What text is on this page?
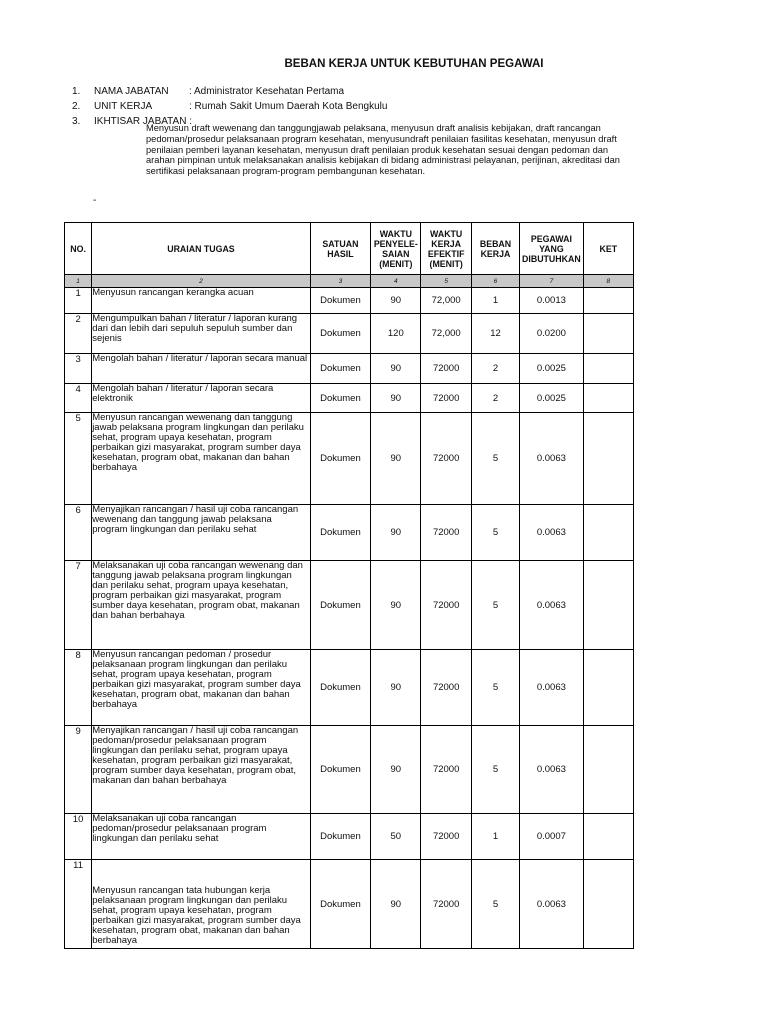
BEBAN KERJA UNTUK KEBUTUHAN PEGAWAI
1.	NAMA JABATAN	: Administrator Kesehatan Pertama
2.	UNIT KERJA	: Rumah Sakit Umum Daerah Kota Bengkulu
3.	IKHTISAR JABATAN :
Menyusun draft wewenang dan tanggungjawab pelaksana, menyusun draft analisis kebijakan, draft rancangan pedoman/prosedur pelaksanaan program kesehatan, menyusundraft penilaian fasilitas kesehatan, menyusun draft penilaian pemberi layanan kesehatan, menyusun draft penilaian produk kesehatan sesuai dengan pedoman dan arahan pimpinan untuk melaksanakan analisis kebijakan di bidang administrasi pelayanan, perijinan, akreditasi dan sertifikasi pelaksanaan program-program pembangunan kesehatan.
-
NO.	URAIAN TUGAS	SATUAN HASIL	WAKTU PENYELE-SAIAN (MENIT)	WAKTU KERJA EFEKTIF (MENIT)	BEBAN KERJA	PEGAWAI YANG DIBUTUHKAN	KET
1	2	3	4	5	6	7	8
1	Menyusun rancangan kerangka acuan	Dokumen	90	72,000	1	0.0013	
2	Mengumpulkan bahan / literatur / laporan kurang dari dan lebih dari sepuluh sepuluh sumber dan sejenis	Dokumen	120	72,000	12	0.0200	
3	Mengolah bahan / literatur / laporan secara manual	Dokumen	90	72000	2	0.0025	
4	Mengolah bahan / literatur / laporan secara elektronik	Dokumen	90	72000	2	0.0025	
5	Menyusun rancangan wewenang dan tanggung jawab pelaksana program lingkungan dan perilaku sehat, program upaya kesehatan, program perbaikan gizi masyarakat, program sumber daya kesehatan, program obat, makanan dan bahan berbahaya	Dokumen	90	72000	5	0.0063	
6	Menyajikan rancangan / hasil uji coba rancangan wewenang dan tanggung jawab pelaksana program lingkungan dan perilaku sehat	Dokumen	90	72000	5	0.0063	
7	Melaksanakan uji coba rancangan wewenang dan tanggung jawab pelaksana program lingkungan dan perilaku sehat, program upaya kesehatan, program perbaikan gizi masyarakat, program sumber daya kesehatan, program obat, makanan dan bahan berbahaya	Dokumen	90	72000	5	0.0063	
8	Menyusun rancangan pedoman / prosedur pelaksanaan program lingkungan dan perilaku sehat, program upaya kesehatan, program perbaikan gizi masyarakat, program sumber daya kesehatan, program obat, makanan dan bahan berbahaya	Dokumen	90	72000	5	0.0063	
9	Menyajikan rancangan / hasil uji coba rancangan pedoman/prosedur pelaksanaan program lingkungan dan perilaku sehat, program upaya kesehatan, program perbaikan gizi masyarakat, program sumber daya kesehatan, program obat, makanan dan bahan berbahaya	Dokumen	90	72000	5	0.0063	
10	Melaksanakan uji coba rancangan pedoman/prosedur pelaksanaan program lingkungan dan perilaku sehat	Dokumen	50	72000	1	0.0007	
11	Menyusun rancangan tata hubungan kerja pelaksanaan program lingkungan dan perilaku sehat, program upaya kesehatan, program perbaikan gizi masyarakat, program sumber daya kesehatan, program obat, makanan dan bahan berbahaya	Dokumen	90	72000	5	0.0063	
